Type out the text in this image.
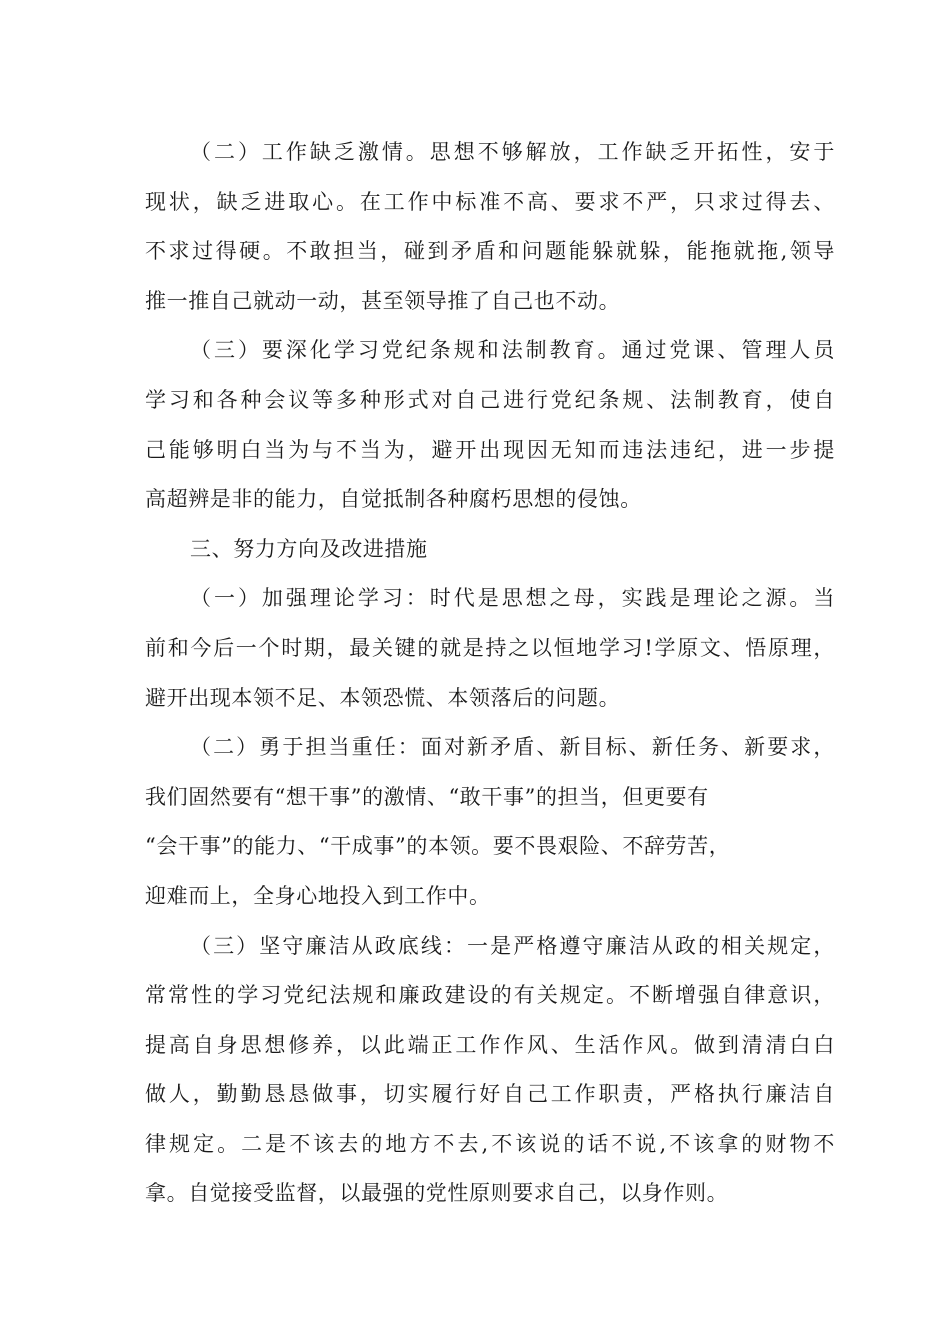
（二）工作缺乏激情。思想不够解放，工作缺乏开拓性，安于
现状，缺乏进取心。在工作中标准不高、要求不严，只求过得去、
不求过得硬。不敢担当，碰到矛盾和问题能躲就躲，能拖就拖,领导
推一推自己就动一动，甚至领导推了自己也不动。
（三）要深化学习党纪条规和法制教育。通过党课、管理人员
学习和各种会议等多种形式对自己进行党纪条规、法制教育，使自
己能够明白当为与不当为，避开出现因无知而违法违纪，进一步提
高超辨是非的能力，自觉抵制各种腐朽思想的侵蚀。
三、努力方向及改进措施
（一）加强理论学习：时代是思想之母，实践是理论之源。当
前和今后一个时期，最关键的就是持之以恒地学习!学原文、悟原理，
避开出现本领不足、本领恐慌、本领落后的问题。
（二）勇于担当重任：面对新矛盾、新目标、新任务、新要求，
我们固然要有“想干事”的激情、“敢干事”的担当，但更要有
“会干事”的能力、“干成事”的本领。要不畏艰险、不辞劳苦，
迎难而上，全身心地投入到工作中。
（三）坚守廉洁从政底线：一是严格遵守廉洁从政的相关规定，
常常性的学习党纪法规和廉政建设的有关规定。不断增强自律意识，
提高自身思想修养，以此端正工作作风、生活作风。做到清清白白
做人，勤勤恳恳做事，切实履行好自己工作职责，严格执行廉洁自
律规定。二是不该去的地方不去,不该说的话不说,不该拿的财物不
拿。自觉接受监督，以最强的党性原则要求自己，以身作则。
